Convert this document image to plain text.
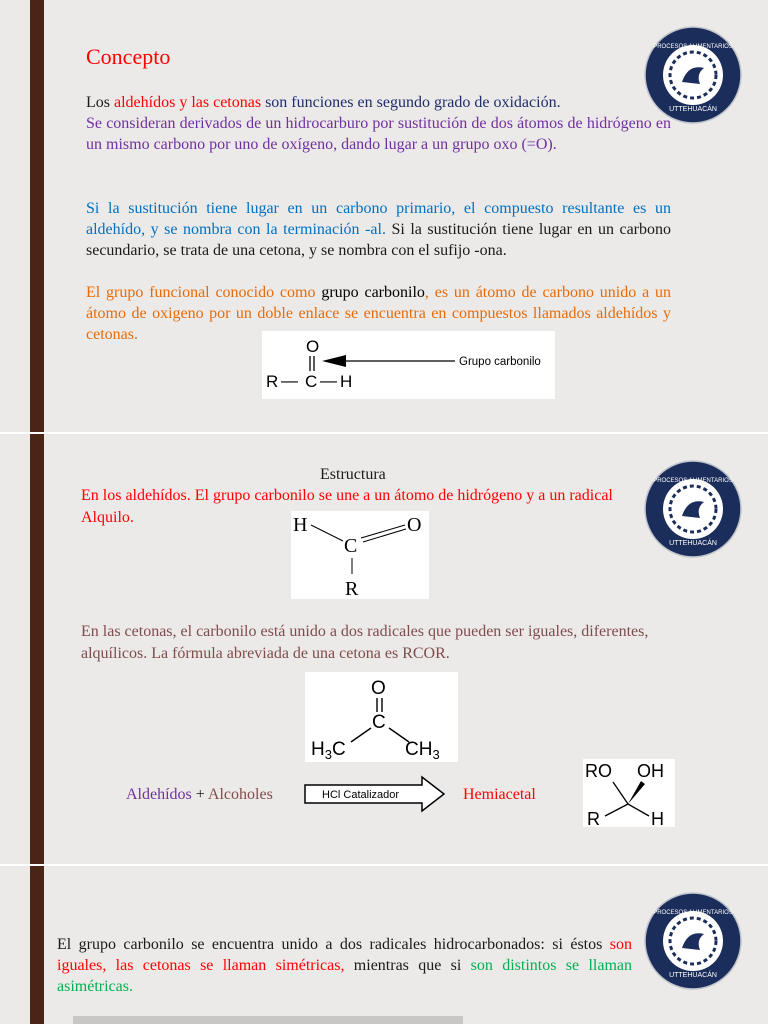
Concepto
Los aldehídos y las cetonas son funciones en segundo grado de oxidación.
Se consideran derivados de un hidrocarburo por sustitución de dos átomos de hidrógeno en un mismo carbono por uno de oxígeno, dando lugar a un grupo oxo (=O).
Si la sustitución tiene lugar en un carbono primario, el compuesto resultante es un aldehído, y se nombra con la terminación -al. Si la sustitución tiene lugar en un carbono secundario, se trata de una cetona, y se nombra con el sufijo -ona.
El grupo funcional conocido como grupo carbonilo, es un átomo de carbono unido a un átomo de oxigeno por un doble enlace se encuentra en compuestos llamados aldehídos y cetonas.
O
R — C — H
Grupo carbonilo
PROCESOS ALIMENTARIOS
UTTEHUACÁN
Estructura
En los aldehídos. El grupo carbonilo se une a un átomo de hidrógeno y a un radical Alquilo.	H
C
O
R
En las cetonas, el carbonilo está unido a dos radicales que pueden ser iguales, diferentes, alquílicos. La fórmula abreviada de una cetona es RCOR.
O
C
$H_3C$	$CH_3$
Aldehídos + Alcoholes	HCl Catalizador	Hemiacetal
RO OH
R	H
PROCESOS ALIMENTARIOS
UTTEHUACÁN
El grupo carbonilo se encuentra unido a dos radicales hidrocarbonados: si éstos son iguales, las cetonas se llaman simétricas, mientras que si son distintos se llaman asimétricas.
PROCESOS ALIMENTARIOS
UTTEHUACÁN
